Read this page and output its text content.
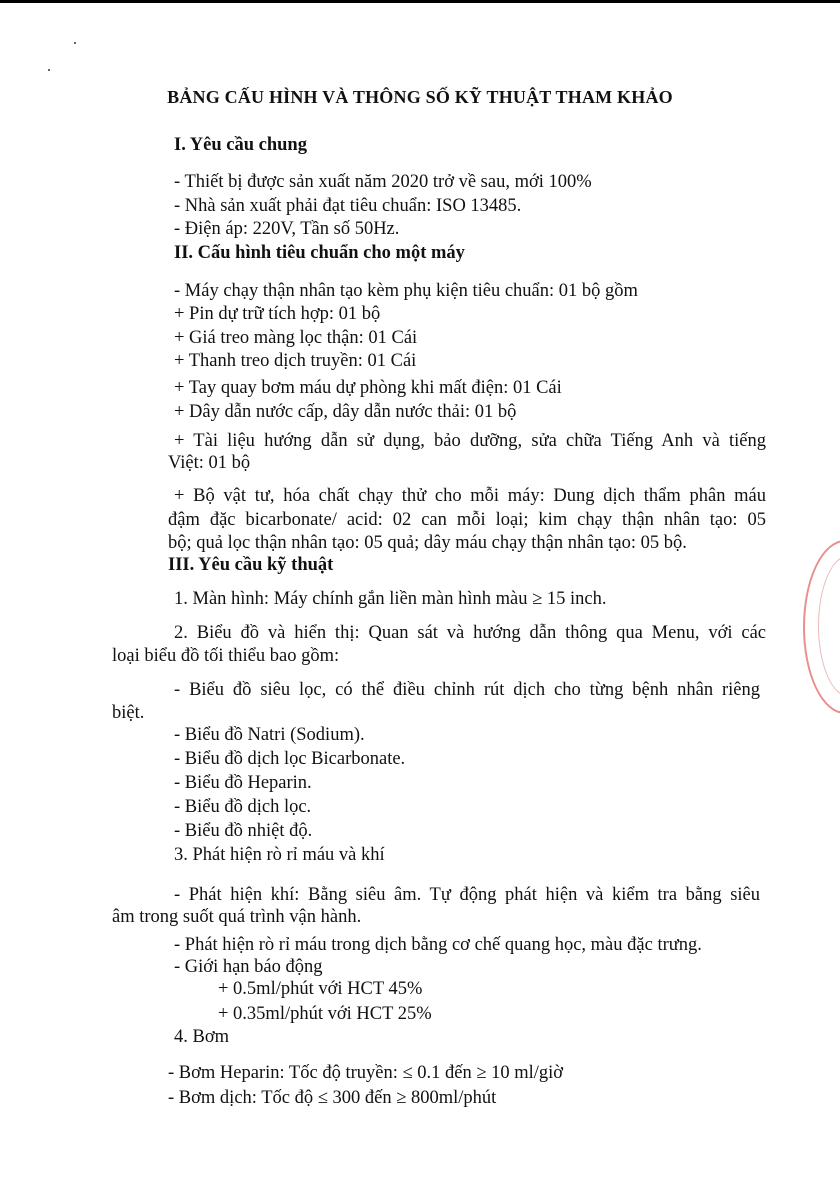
BẢNG CẤU HÌNH VÀ THÔNG SỐ KỸ THUẬT THAM KHẢO
I. Yêu cầu chung
- Thiết bị được sản xuất năm 2020 trở về sau, mới 100%
- Nhà sản xuất phải đạt tiêu chuẩn: ISO 13485.
- Điện áp: 220V, Tần số 50Hz.
II. Cấu hình tiêu chuẩn cho một máy
- Máy chạy thận nhân tạo kèm phụ kiện tiêu chuẩn: 01 bộ gồm
+ Pin dự trữ tích hợp: 01 bộ
+ Giá treo màng lọc thận: 01 Cái
+ Thanh treo dịch truyền: 01 Cái
+ Tay quay bơm máu dự phòng khi mất điện: 01 Cái
+ Dây dẫn nước cấp, dây dẫn nước thải: 01 bộ
+ Tài liệu hướng dẫn sử dụng, bảo dưỡng, sửa chữa Tiếng Anh và tiếng
Việt: 01 bộ
+ Bộ vật tư, hóa chất chạy thử cho mỗi máy: Dung dịch thẩm phân máu
đậm đặc bicarbonate/ acid: 02 can mỗi loại; kim chạy thận nhân tạo: 05
bộ; quả lọc thận nhân tạo: 05 quả; dây máu chạy thận nhân tạo: 05 bộ.
III. Yêu cầu kỹ thuật
1. Màn hình: Máy chính gắn liền màn hình màu ≥ 15 inch.
2. Biểu đồ và hiển thị: Quan sát và hướng dẫn thông qua Menu, với các
loại biểu đồ tối thiểu bao gồm:
- Biểu đồ siêu lọc, có thể điều chỉnh rút dịch cho từng bệnh nhân riêng
biệt.
- Biểu đồ Natri (Sodium).
- Biểu đồ dịch lọc Bicarbonate.
- Biểu đồ Heparin.
- Biểu đồ dịch lọc.
- Biểu đồ nhiệt độ.
3. Phát hiện rò rỉ máu và khí
- Phát hiện khí: Bằng siêu âm. Tự động phát hiện và kiểm tra bằng siêu
âm trong suốt quá trình vận hành.
- Phát hiện rò rỉ máu trong dịch bằng cơ chế quang học, màu đặc trưng.
- Giới hạn báo động
+ 0.5ml/phút với HCT 45%
+ 0.35ml/phút với HCT 25%
4. Bơm
- Bơm Heparin: Tốc độ truyền: ≤ 0.1 đến ≥ 10 ml/giờ
- Bơm dịch: Tốc độ ≤ 300 đến ≥ 800ml/phút
